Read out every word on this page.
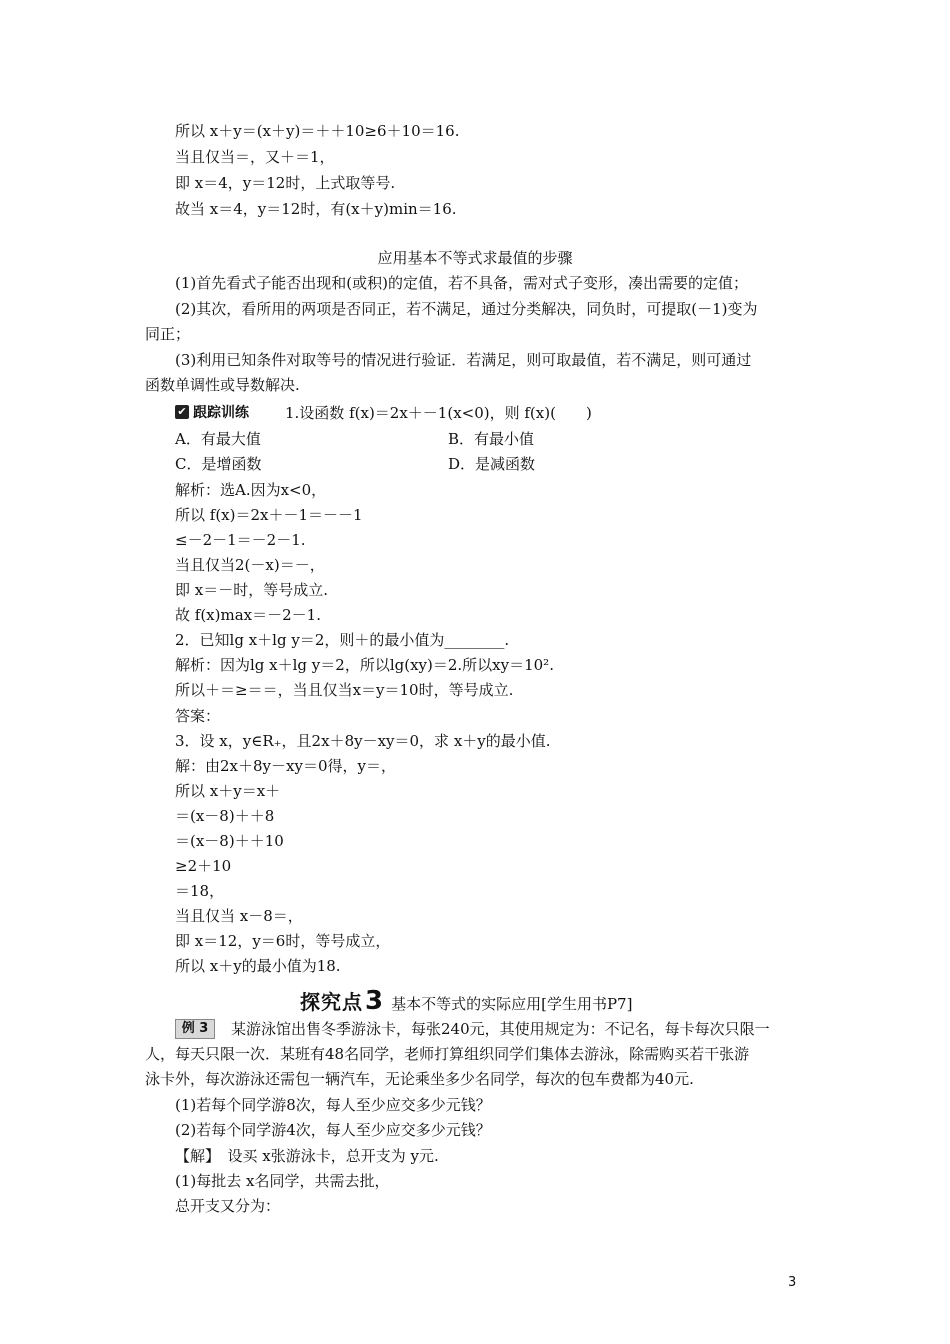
所以 x＋y＝(x＋y)＝＋＋10≥6＋10＝16.
当且仅当＝，又＋＝1，
即 x＝4，y＝12时，上式取等号.
故当 x＝4，y＝12时，有(x＋y)min＝16.
应用基本不等式求最值的步骤
(1)首先看式子能否出现和(或积)的定值，若不具备，需对式子变形，凑出需要的定值；
(2)其次，看所用的两项是否同正，若不满足，通过分类解决，同负时，可提取(－1)变为
同正；
(3)利用已知条件对取等号的情况进行验证．若满足，则可取最值，若不满足，则可通过
函数单调性或导数解决.
✔ 跟踪训练 1.设函数 f(x)＝2x＋－1(x<0)，则 f(x)(　　)
A．有最大值	B．有最小值
C．是增函数	D．是减函数
解析：选A.因为x<0，
所以 f(x)＝2x＋－1＝－－1
≤－2－1＝－2－1.
当且仅当2(－x)＝－，
即 x＝－时，等号成立.
故 f(x)max＝－2－1.
2．已知lg x＋lg y＝2，则＋的最小值为________.
解析：因为lg x＋lg y＝2，所以lg(xy)＝2.所以xy＝10².
所以＋＝≥＝＝，当且仅当x＝y＝10时，等号成立.
答案：
3．设 x，y∈R₊，且2x＋8y－xy＝0，求 x＋y的最小值.
解：由2x＋8y－xy＝0得，y＝，
所以 x＋y＝x＋
＝(x－8)＋＋8
＝(x－8)＋＋10
≥2＋10
＝18，
当且仅当 x－8＝，
即 x＝12，y＝6时，等号成立，
所以 x＋y的最小值为18.
探究点 3 基本不等式的实际应用[学生用书P7]
例 3	某游泳馆出售冬季游泳卡，每张240元，其使用规定为：不记名，每卡每次只限一
人，每天只限一次．某班有48名同学，老师打算组织同学们集体去游泳，除需购买若干张游
泳卡外，每次游泳还需包一辆汽车，无论乘坐多少名同学，每次的包车费都为40元.
(1)若每个同学游8次，每人至少应交多少元钱？
(2)若每个同学游4次，每人至少应交多少元钱？
【解】　设买 x张游泳卡，总开支为 y元.
(1)每批去 x名同学，共需去批，
总开支又分为：
3
